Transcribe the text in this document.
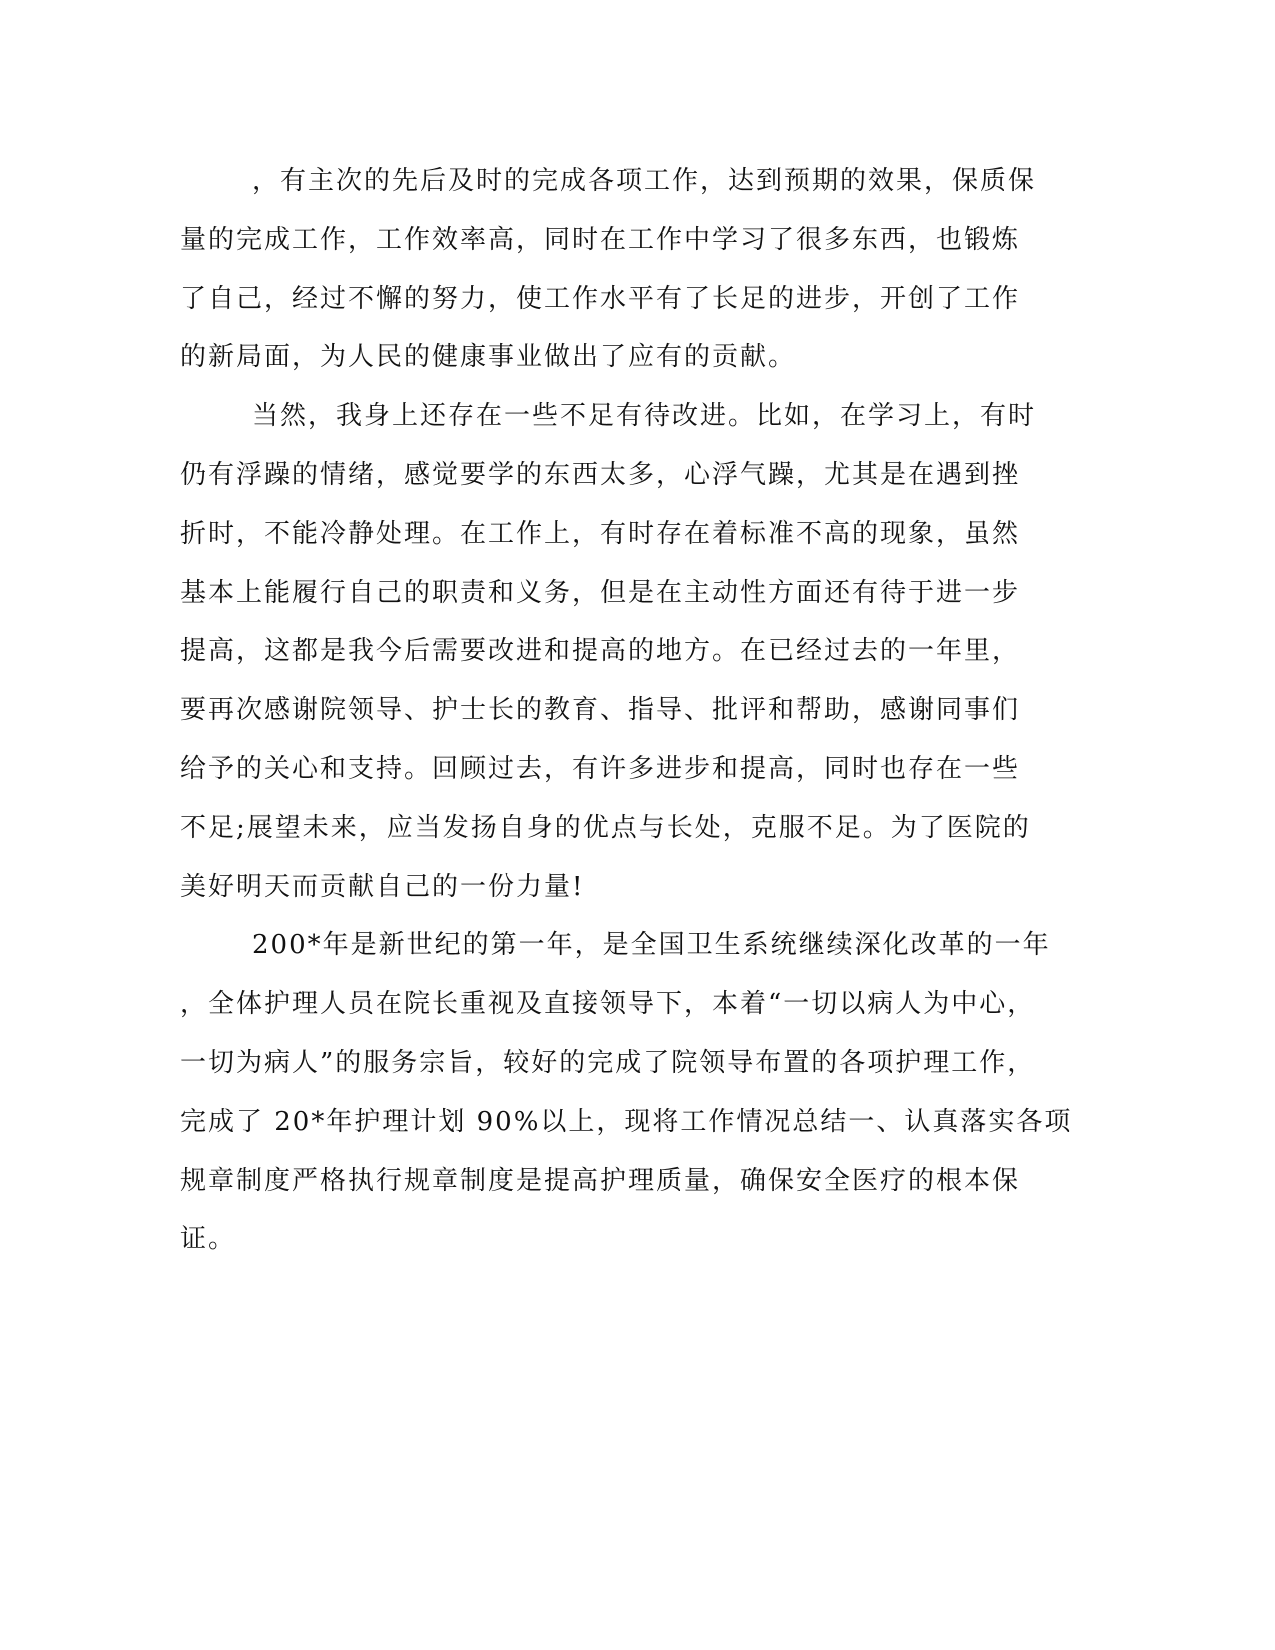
，有主次的先后及时的完成各项工作，达到预期的效果，保质保
量的完成工作，工作效率高，同时在工作中学习了很多东西，也锻炼
了自己，经过不懈的努力，使工作水平有了长足的进步，开创了工作
的新局面，为人民的健康事业做出了应有的贡献。
当然，我身上还存在一些不足有待改进。比如，在学习上，有时
仍有浮躁的情绪，感觉要学的东西太多，心浮气躁，尤其是在遇到挫
折时，不能冷静处理。在工作上，有时存在着标准不高的现象，虽然
基本上能履行自己的职责和义务，但是在主动性方面还有待于进一步
提高，这都是我今后需要改进和提高的地方。在已经过去的一年里，
要再次感谢院领导、护士长的教育、指导、批评和帮助，感谢同事们
给予的关心和支持。回顾过去，有许多进步和提高，同时也存在一些
不足;展望未来，应当发扬自身的优点与长处，克服不足。为了医院的
美好明天而贡献自己的一份力量!
200*年是新世纪的第一年，是全国卫生系统继续深化改革的一年
，全体护理人员在院长重视及直接领导下，本着“一切以病人为中心，
一切为病人”的服务宗旨，较好的完成了院领导布置的各项护理工作，
完成了 20*年护理计划 90%以上，现将工作情况总结一、认真落实各项
规章制度严格执行规章制度是提高护理质量，确保安全医疗的根本保
证。
